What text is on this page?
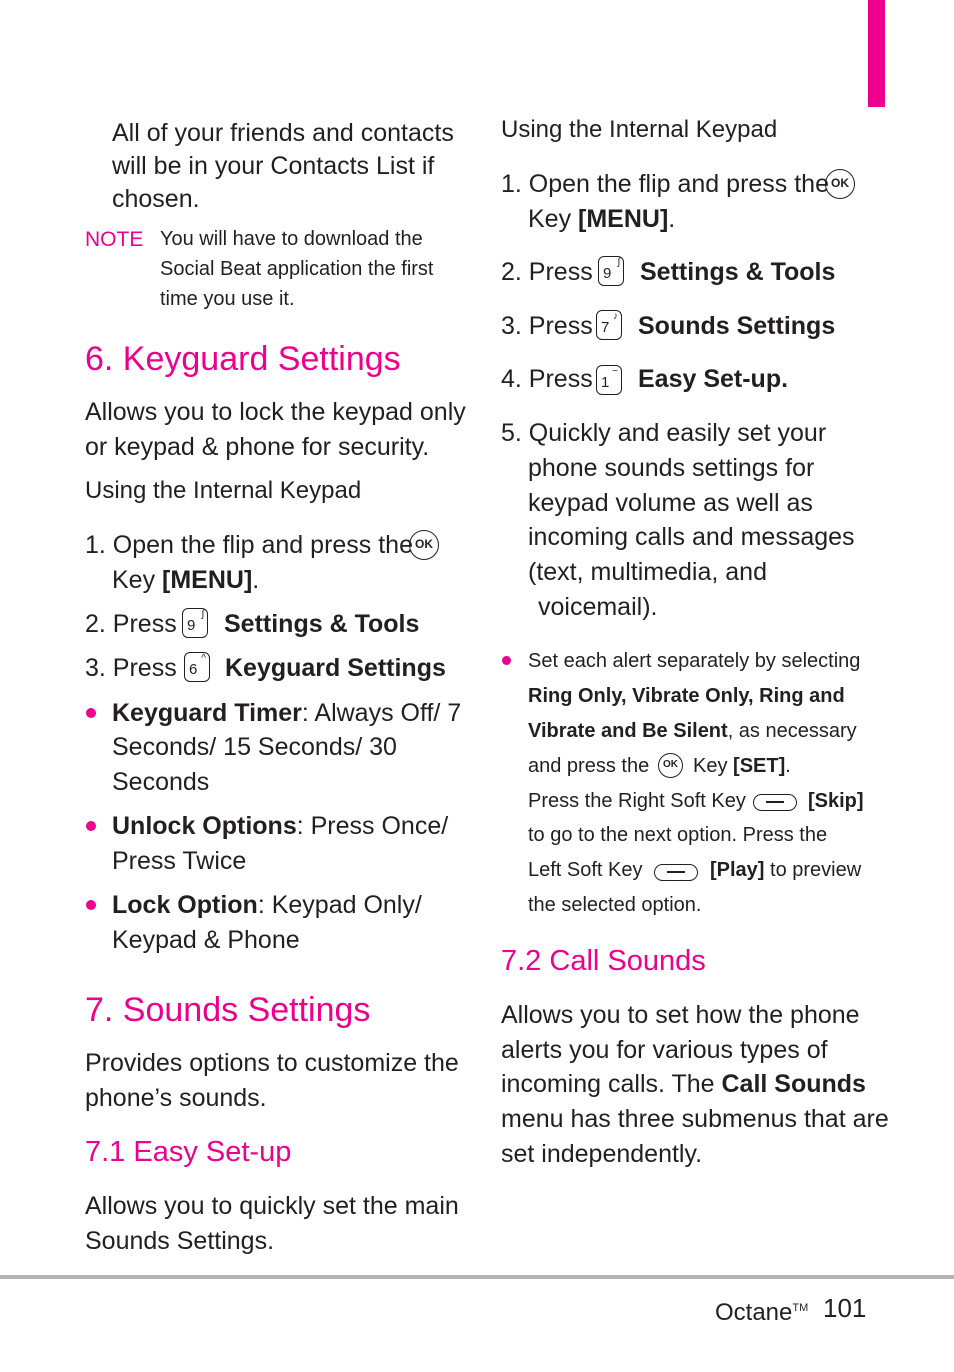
All of your friends and contacts
will be in your Contacts List if
chosen.
NOTE You will have to download the
Social Beat application the first
time you use it.
6. Keyguard Settings
Allows you to lock the keypad only
or keypad & phone for security.
Using the Internal Keypad
1. Open the flip and press the OK
Key [MENU].
2. Press 9
ʃ Settings & Tools
3. Press 6
^ Keyguard Settings
Keyguard Timer: Always Off/ 7
Seconds/ 15 Seconds/ 30
Seconds
Unlock Options: Press Once/
Press Twice
Lock Option: Keypad Only/
Keypad & Phone
7. Sounds Settings
Provides options to customize the
phone’s sounds.
7.1 Easy Set-up
Allows you to quickly set the main
Sounds Settings.
Using the Internal Keypad
1. Open the flip and press the OK
Key [MENU].
2. Press 9
ʃ Settings & Tools
3. Press 7
♪ Sounds Settings
4. Press 1
~ Easy Set-up.
5. Quickly and easily set your
phone sounds settings for
keypad volume as well as
incoming calls and messages
(text, multimedia, and
voicemail).
Set each alert separately by selecting
Ring Only, Vibrate Only, Ring and
Vibrate and Be Silent, as necessary
and press the	OK Key [SET].
Press the Right Soft Key	[Skip]
to go to the next option. Press the
Left Soft Key	[Play] to preview
the selected option.
7.2 Call Sounds
Allows you to set how the phone
alerts you for various types of
incoming calls. The Call Sounds
menu has three submenus that are
set independently.
Octane™ 101
